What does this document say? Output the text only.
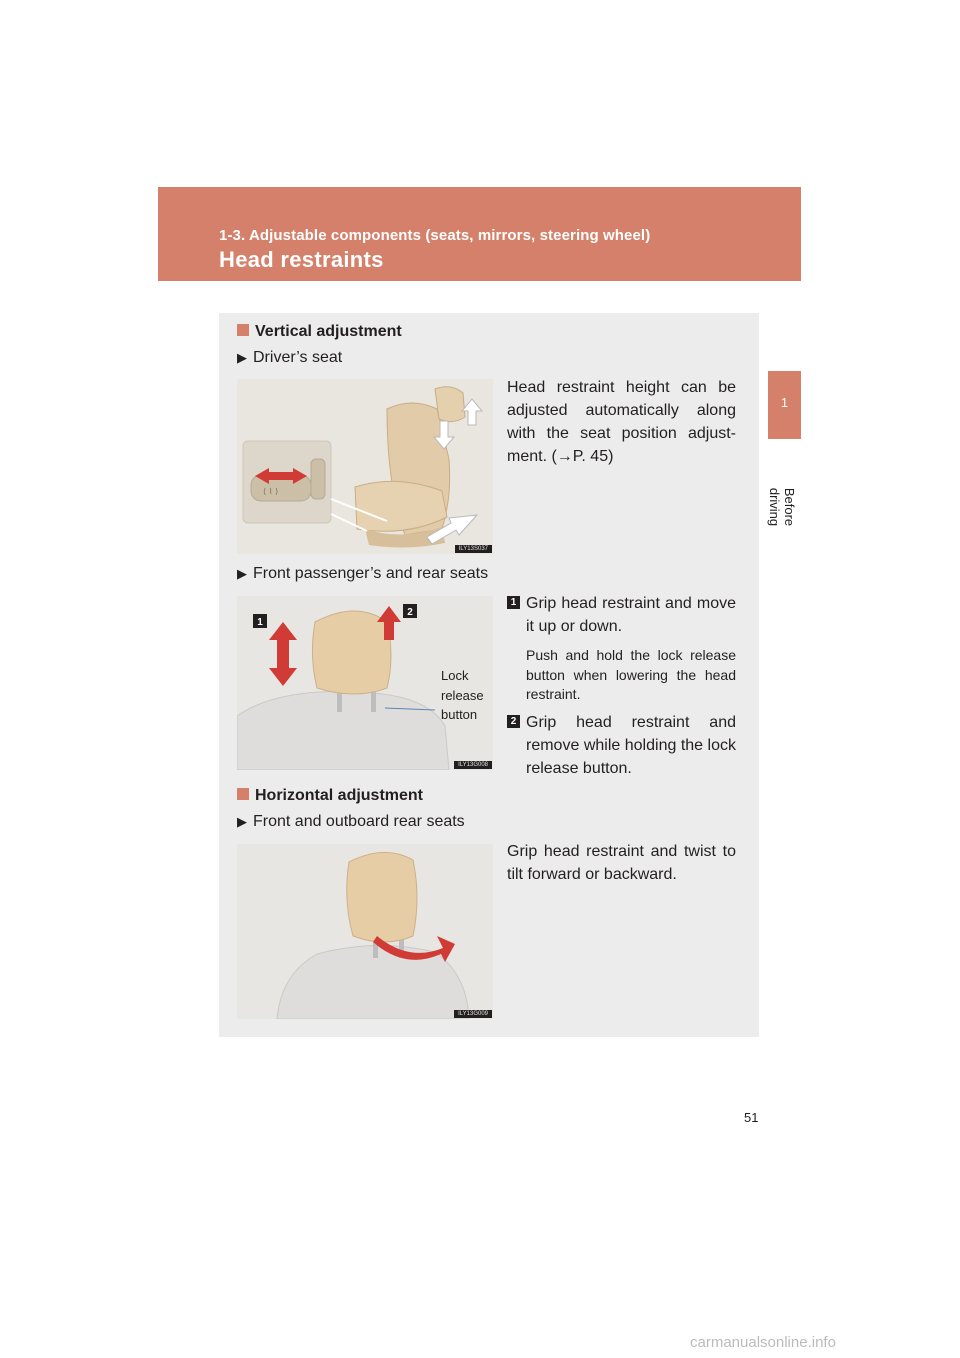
1-3. Adjustable components (seats, mirrors, steering wheel)
Head restraints
1
Before driving
Vertical adjustment
▶ Driver’s seat
⟨ ⌇ ⟩
ILY13S037
Head restraint height can be adjusted automatically along with the seat position adjust-ment. (→P. 45)
▶ Front passenger’s and rear seats
1
2
Lock release button
ILY13G008
1 Grip head restraint and move it up or down.
Push and hold the lock release button when lowering the head restraint.
2 Grip head restraint and remove while holding the lock release button.
Horizontal adjustment
▶ Front and outboard rear seats
ILY13G009
Grip head restraint and twist to tilt forward or backward.
51
carmanualsonline.info
